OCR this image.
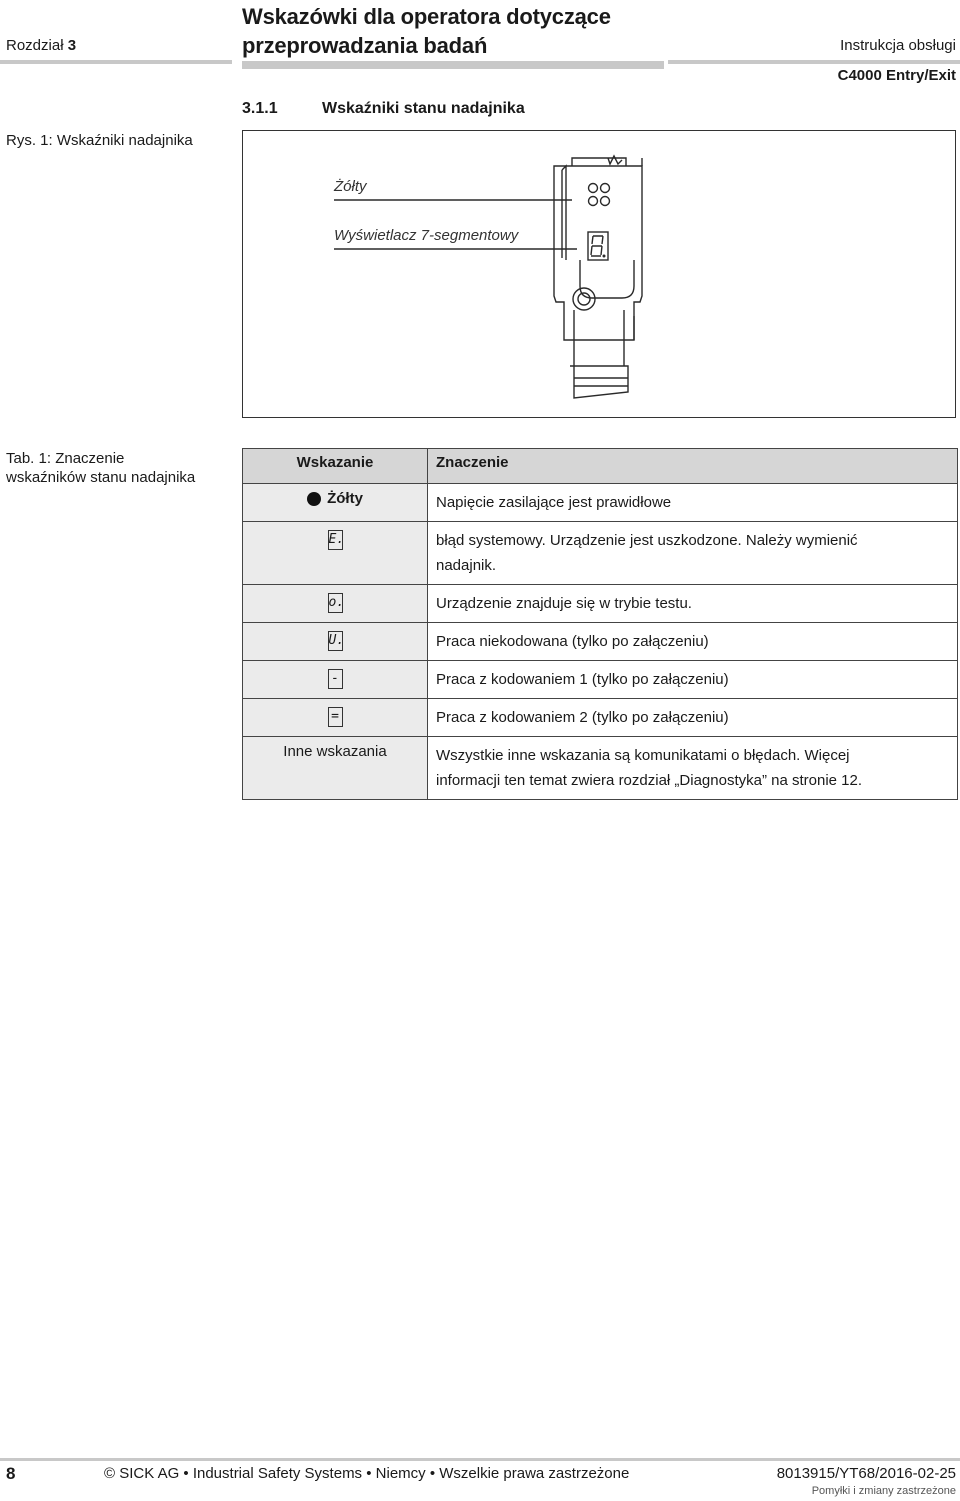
Rozdział 3
Wskazówki dla operatora dotyczące
przeprowadzania badań	Instrukcja obsługi
C4000 Entry/Exit
3.1.1	Wskaźniki stanu nadajnika
Rys. 1: Wskaźniki nadajnika
Żółty
Wyświetlacz 7-segmentowy
Tab. 1: Znaczenie
wskaźników stanu nadajnika
Wskazanie	Znaczenie

Żółty	Napięcie zasilające jest prawidłowe
E.	błąd systemowy. Urządzenie jest uszkodzone. Należy wymienić
nadajnik.

o.	Urządzenie znajduje się w trybie testu.
U.	Praca niekodowana (tylko po załączeniu)
-	Praca z kodowaniem 1 (tylko po załączeniu)
=	Praca z kodowaniem 2 (tylko po załączeniu)
Inne wskazania	Wszystkie inne wskazania są komunikatami o błędach. Więcej
informacji ten temat zwiera rozdział „Diagnostyka” na stronie 12.
8	© SICK AG • Industrial Safety Systems • Niemcy • Wszelkie prawa zastrzeżone	8013915/YT68/2016-02-25
Pomyłki i zmiany zastrzeżone
